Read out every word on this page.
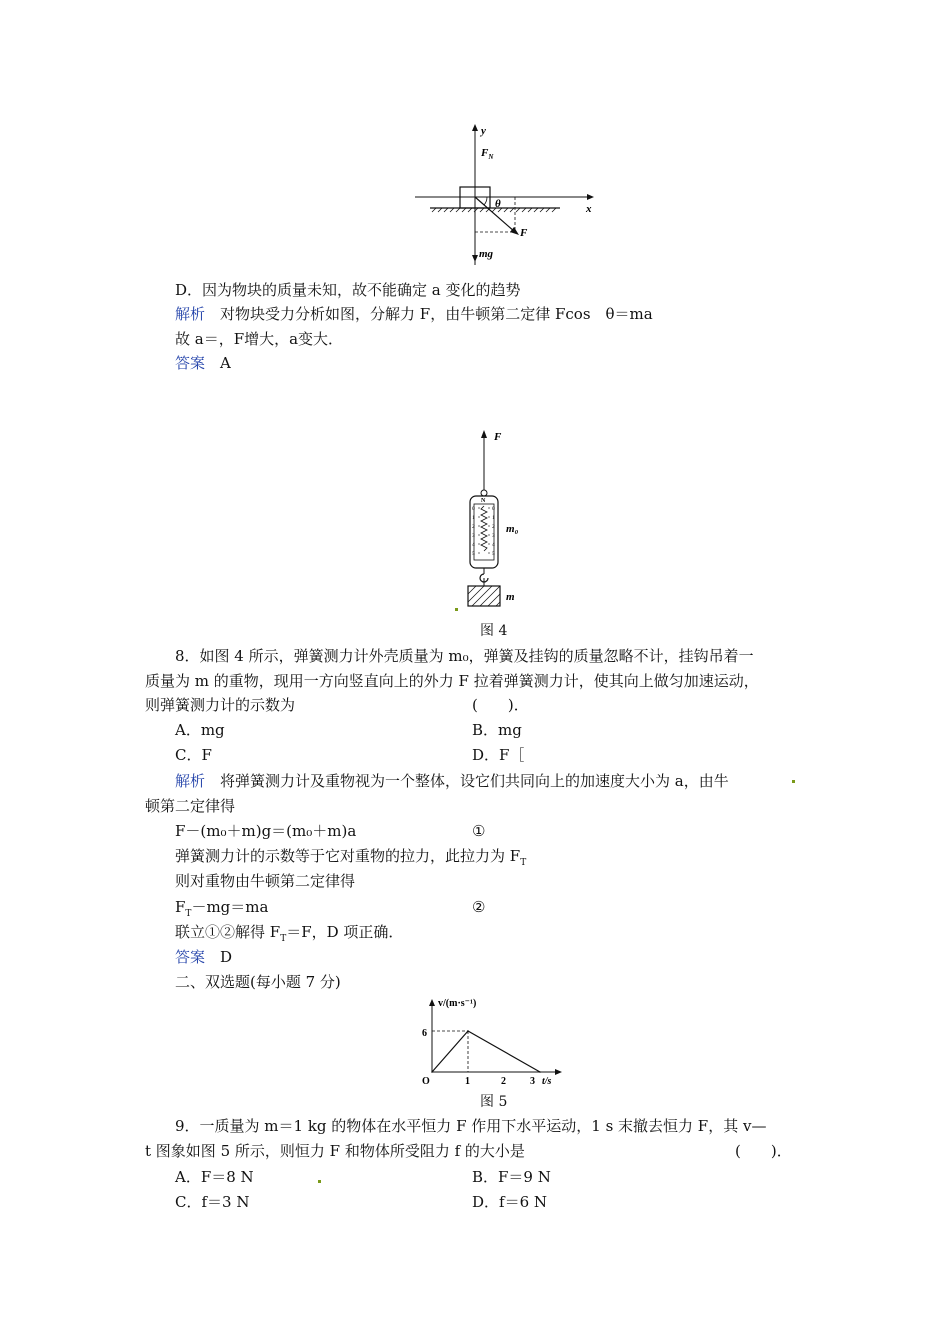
y
$F_N$
x
θ
F
mg
D．因为物块的质量未知，故不能确定 a 变化的趋势
解析　 对物块受力分析如图，分解力 F，由牛顿第二定律 Fcos　θ＝ma
故 a＝，F增大，a变大．
答案　 A
N
0
1
2
3
4
5
0
1
2
3
4
5
F
m₀
m
图 4
8．如图 4 所示，弹簧测力计外壳质量为 m₀，弹簧及挂钩的质量忽略不计，挂钩吊着一
质量为 m 的重物，现用一方向竖直向上的外力 F 拉着弹簧测力计，使其向上做匀加速运动，
则弹簧测力计的示数为	(　　)．
A．mg	B．mg
C．F	D．F［
解析　 将弹簧测力计及重物视为一个整体，设它们共同向上的加速度大小为 a，由牛
顿第二定律得
F－(m₀＋m)g＝(m₀＋m)a	①
弹簧测力计的示数等于它对重物的拉力，此拉力为 $F_T$
则对重物由牛顿第二定律得
$F_T-mg=ma$	②
联立①②解得 $F_T=F$，D 项正确．
答案　 D
二、双选题(每小题 7 分)
v/(m·s⁻¹)
t/s
O
6
1	2 3
图 5
9．一质量为 m＝1 kg 的物体在水平恒力 F 作用下水平运动，1 s 末撤去恒力 F，其 v—
t 图象如图 5 所示，则恒力 F 和物体所受阻力 f 的大小是	(　　)．
A．F＝8 N	B．F＝9 N
C．f＝3 N	D．f＝6 N
